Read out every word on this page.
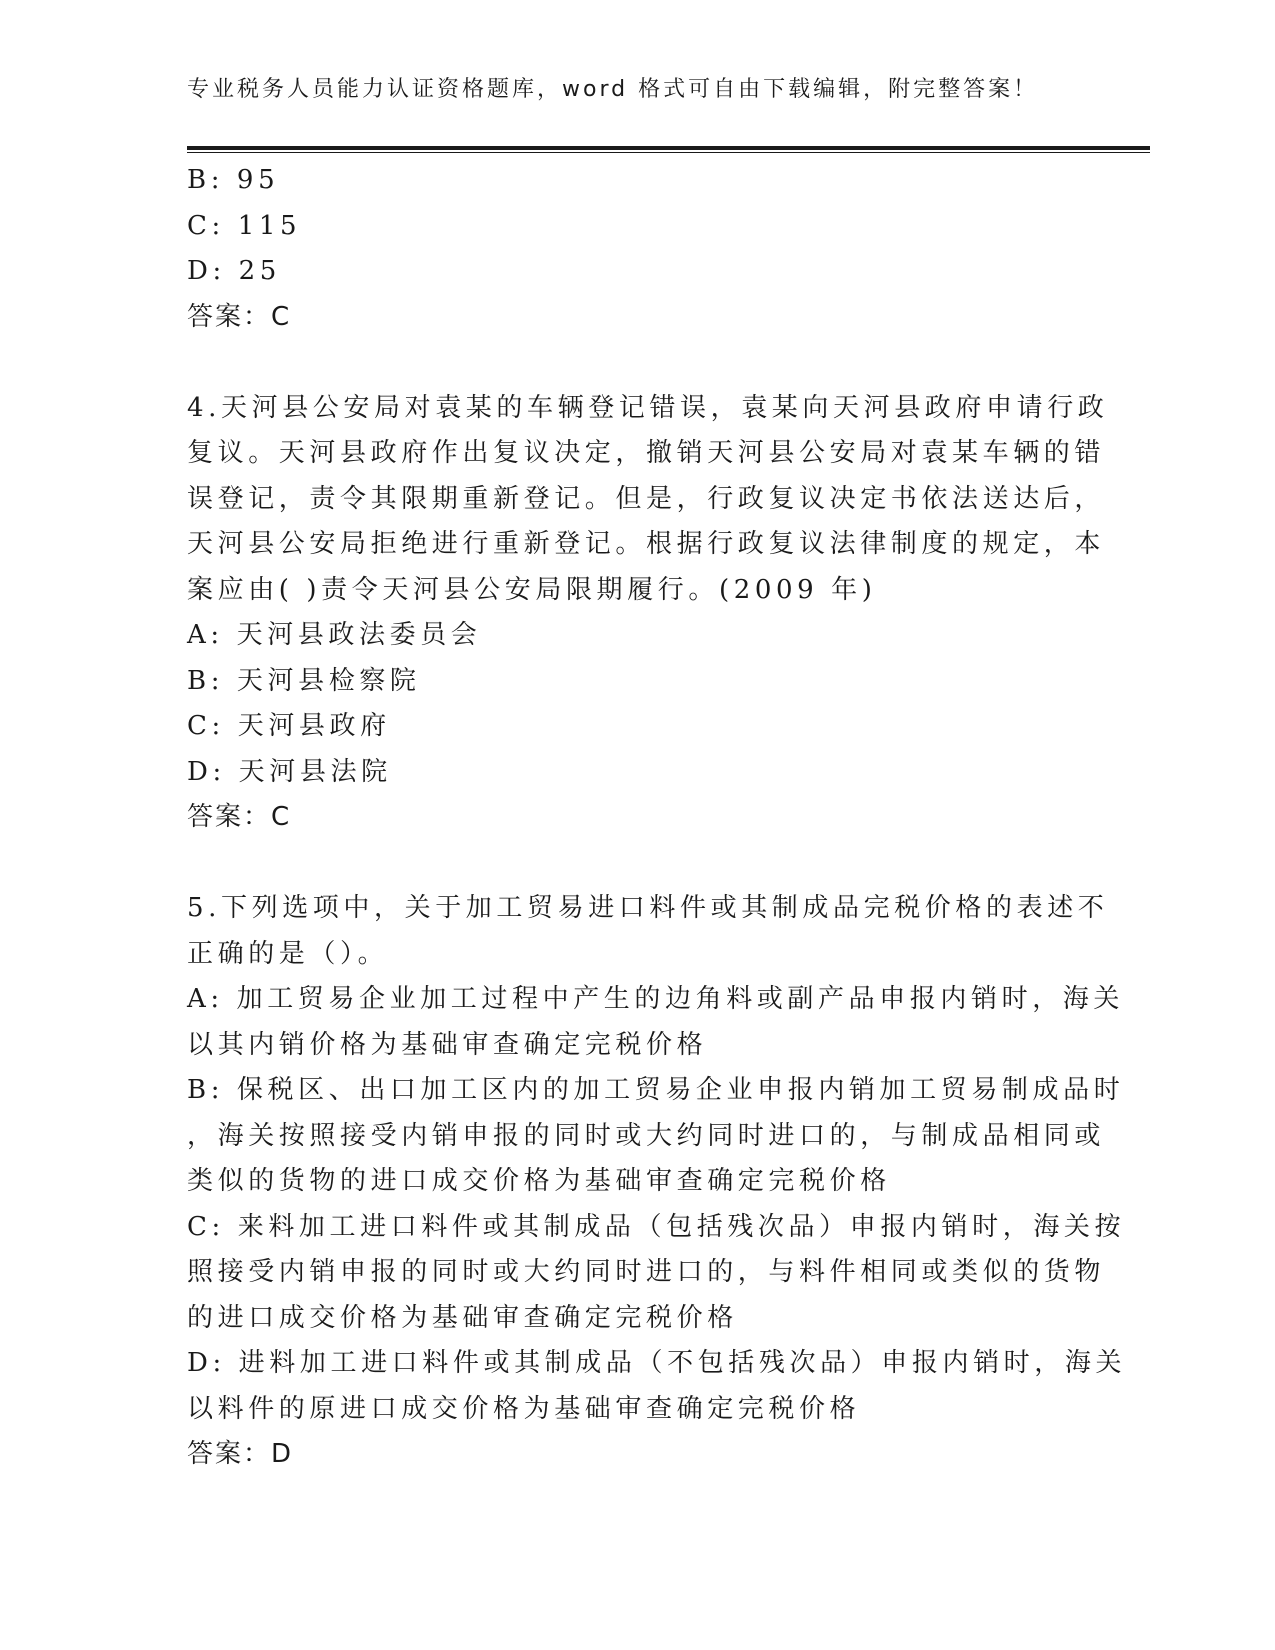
专业税务人员能力认证资格题库，word 格式可自由下载编辑，附完整答案！
B: 95
C: 115
D: 25
答案：C
4.天河县公安局对袁某的车辆登记错误，袁某向天河县政府申请行政
复议。天河县政府作出复议决定，撤销天河县公安局对袁某车辆的错
误登记，责令其限期重新登记。但是，行政复议决定书依法送达后，
天河县公安局拒绝进行重新登记。根据行政复议法律制度的规定，本
案应由( )责令天河县公安局限期履行。(2009 年)
A: 天河县政法委员会
B: 天河县检察院
C: 天河县政府
D: 天河县法院
答案：C
5.下列选项中，关于加工贸易进口料件或其制成品完税价格的表述不
正确的是（）。
A: 加工贸易企业加工过程中产生的边角料或副产品申报内销时，海关
以其内销价格为基础审查确定完税价格
B: 保税区、出口加工区内的加工贸易企业申报内销加工贸易制成品时
，海关按照接受内销申报的同时或大约同时进口的，与制成品相同或
类似的货物的进口成交价格为基础审查确定完税价格
C: 来料加工进口料件或其制成品（包括残次品）申报内销时，海关按
照接受内销申报的同时或大约同时进口的，与料件相同或类似的货物
的进口成交价格为基础审查确定完税价格
D: 进料加工进口料件或其制成品（不包括残次品）申报内销时，海关
以料件的原进口成交价格为基础审查确定完税价格
答案：D
